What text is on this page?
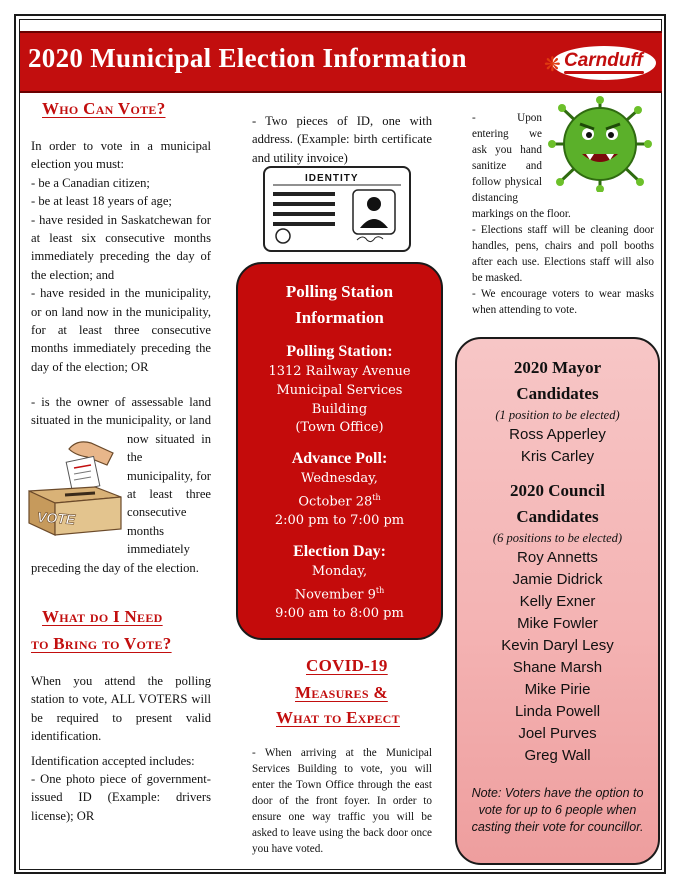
2020 Municipal Election Information	❋ Carnduff
Who Can Vote?

In order to vote in a municipal election you must:

- be a Canadian citizen;

- be at least 18 years of age;

- have resided in Saskatchewan for at least six consecutive months immediately preceding the day of the election; and

- have resided in the municipality, or on land now in the municipality, for at least three consecutive months immediately preceding the day of the election; OR

- is the owner of assessable land situated in the municipality, or land now situated in the municipality, for at least three consecutive months immediately preceding the day of the election.

VOTE
What do I Need
to Bring to Vote?

When you attend the polling station to vote, ALL VOTERS will be required to present valid identification.

Identification accepted includes:

- One photo piece of government-issued ID (Example: drivers license); OR

- Two pieces of ID, one with address. (Example: birth certificate and utility invoice)

IDENTITY
Polling Station
Information
Polling Station:
1312 Railway Avenue
Municipal Services
Building
(Town Office)
Advance Poll:
Wednesday,
October 28th
2:00 pm to 7:00 pm
Election Day:
Monday,
November 9th
9:00 am to 8:00 pm
COVID-19
Measures &
What to Expect

- When arriving at the Municipal Services Building to vote, you will enter the Town Office through the east door of the front foyer. In order to ensure one way traffic you will be asked to leave using the back door once you have voted.

- Upon entering we ask you hand sanitize and follow physical distancing markings on the floor.

- Elections staff will be cleaning door handles, pens, chairs and poll booths after each use. Elections staff will also be masked.

- We encourage voters to wear masks when attending to vote.

2020 Mayor
Candidates
(1 position to be elected)
Ross Apperley
Kris Carley
2020 Council
Candidates
(6 positions to be elected)
Roy Annetts
Jamie Didrick
Kelly Exner
Mike Fowler
Kevin Daryl Lesy
Shane Marsh
Mike Pirie
Linda Powell
Joel Purves
Greg Wall
Note: Voters have the option to vote for up to 6 people when casting their vote for councillor.
